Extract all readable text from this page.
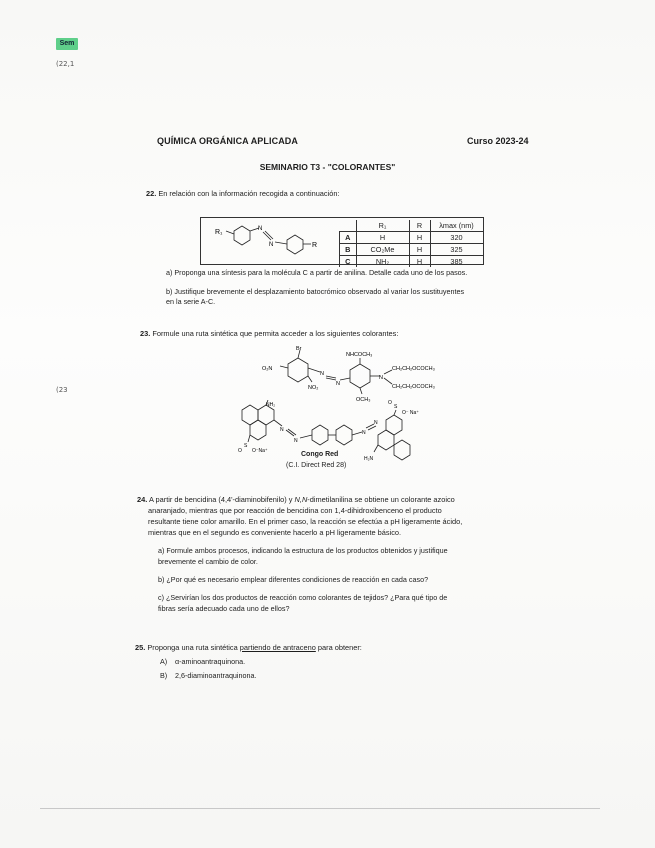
Sem
(22,1
(23
QUÍMICA ORGÁNICA APLICADA	Curso 2023-24
SEMINARIO T3 - "COLORANTES"
22. En relación con la información recogida a continuación:
R₁	N
N	R
	R₁	R	λmax (nm)
A	H	H	320
B	CO₂Me	H	325
C	NH₂	H	385
a) Proponga una síntesis para la molécula C a partir de anilina. Detalle cada uno de los pasos.
b) Justifique brevemente el desplazamiento batocrómico observado al variar los sustituyentes
en la serie A-C.
23. Formule una ruta sintética que permita acceder a los siguientes colorantes:
Br
O₂N
NO₂
N
N
NHCOCH₃
N
CH₂CH₂OCOCH₃
CH₂CH₂OCOCH₃
OCH₃
NH₂
N
N
N
N
S
O O⁻Na⁺
S
O
O⁻ Na⁺
H₂N
Congo Red
(C.I. Direct Red 28)
24. A partir de bencidina (4,4'-diaminobifenilo) y N,N-dimetilanilina se obtiene un colorante azoico
anaranjado, mientras que por reacción de bencidina con 1,4-dihidroxibenceno el producto
resultante tiene color amarillo. En el primer caso, la reacción se efectúa a pH ligeramente ácido,
mientras que en el segundo es conveniente hacerlo a pH ligeramente básico.
a) Formule ambos procesos, indicando la estructura de los productos obtenidos y justifique
brevemente el cambio de color.
b) ¿Por qué es necesario emplear diferentes condiciones de reacción en cada caso?
c) ¿Servirían los dos productos de reacción como colorantes de tejidos? ¿Para qué tipo de
fibras sería adecuado cada uno de ellos?
25. Proponga una ruta sintética partiendo de antraceno para obtener:
A) α-aminoantraquinona.
B) 2,6-diaminoantraquinona.
